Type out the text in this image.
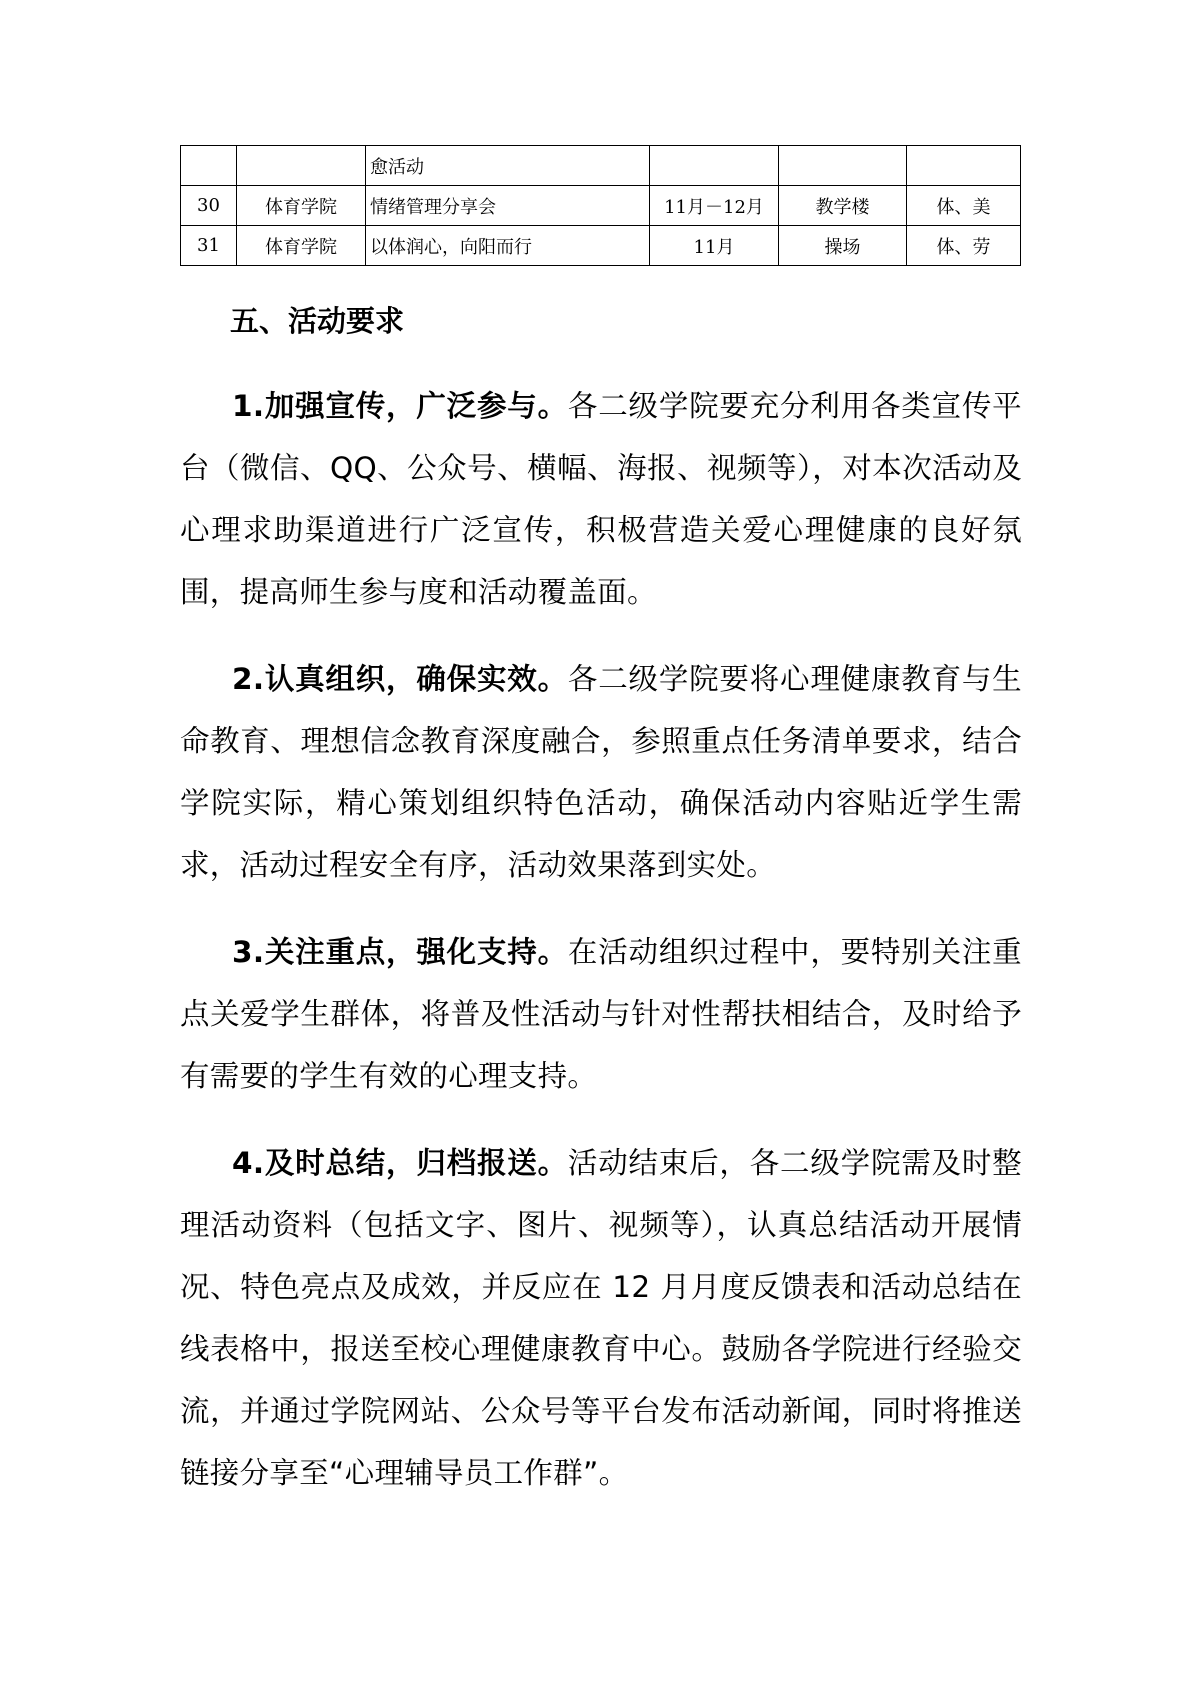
		愈活动			
30	体育学院	情绪管理分享会	11月－12月	教学楼	体、美
31	体育学院	以体润心，向阳而行	11月	操场	体、劳
五、活动要求

1.加强宣传，广泛参与。各二级学院要充分利用各类宣传平台（微信、QQ、公众号、横幅、海报、视频等），对本次活动及心理求助渠道进行广泛宣传，积极营造关爱心理健康的良好氛围，提高师生参与度和活动覆盖面。

2.认真组织，确保实效。各二级学院要将心理健康教育与生命教育、理想信念教育深度融合，参照重点任务清单要求，结合学院实际，精心策划组织特色活动，确保活动内容贴近学生需求，活动过程安全有序，活动效果落到实处。

3.关注重点，强化支持。在活动组织过程中，要特别关注重点关爱学生群体，将普及性活动与针对性帮扶相结合，及时给予有需要的学生有效的心理支持。

4.及时总结，归档报送。活动结束后，各二级学院需及时整理活动资料（包括文字、图片、视频等），认真总结活动开展情况、特色亮点及成效，并反应在 12 月月度反馈表和活动总结在线表格中，报送至校心理健康教育中心。鼓励各学院进行经验交流，并通过学院网站、公众号等平台发布活动新闻，同时将推送链接分享至“心理辅导员工作群”。
